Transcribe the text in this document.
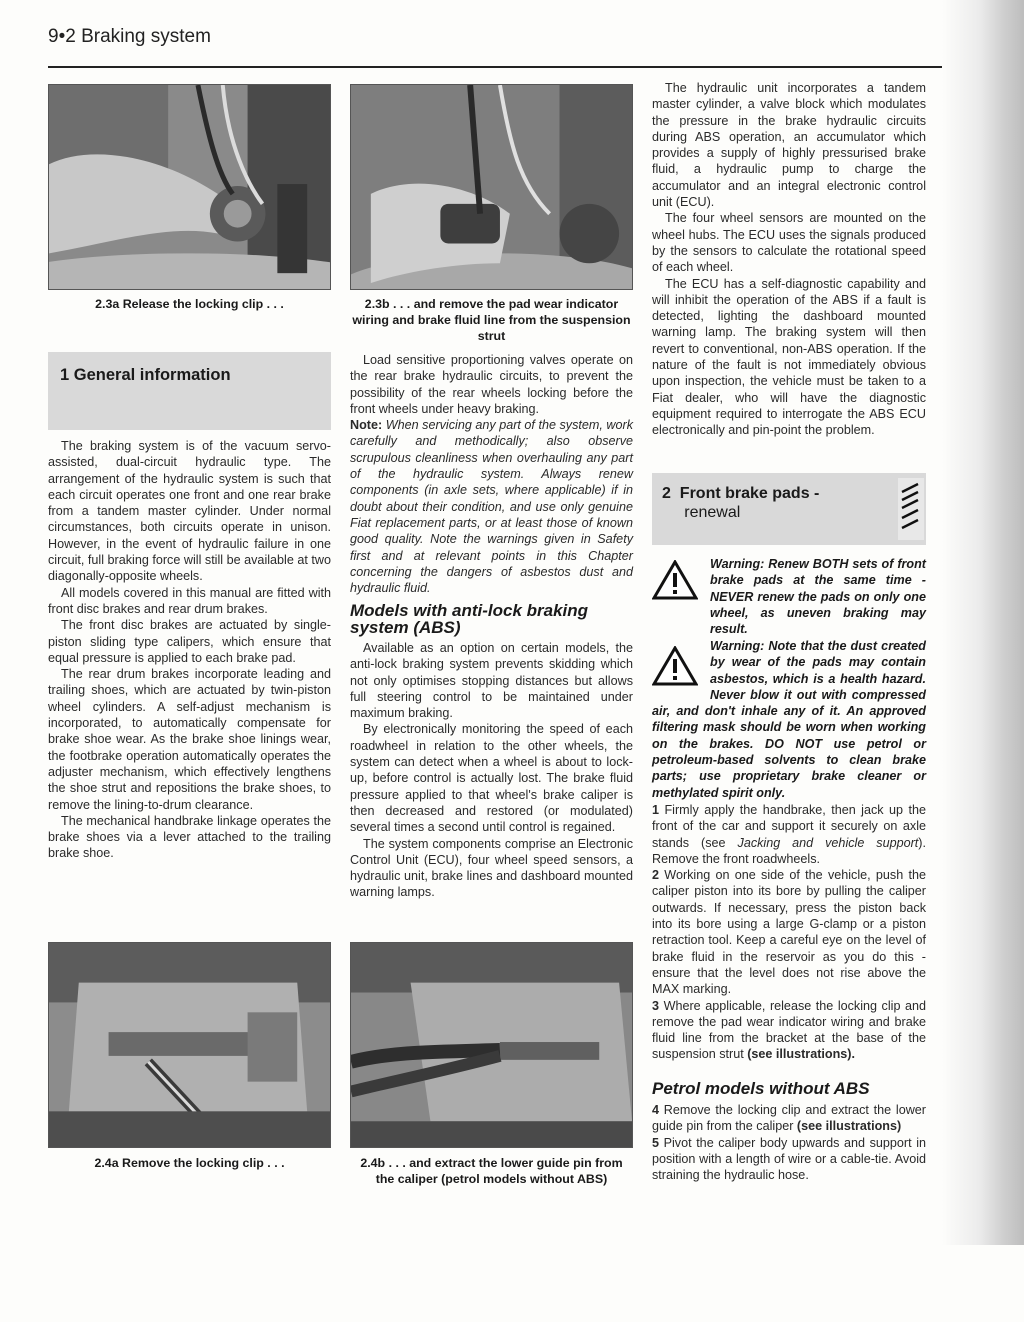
9•2 Braking system
2.3a Release the locking clip . . .	2.3b . . . and remove the pad wear indicator wiring and brake fluid line from the suspension strut
1 General information

The braking system is of the vacuum servo-assisted, dual-circuit hydraulic type. The arrangement of the hydraulic system is such that each circuit operates one front and one rear brake from a tandem master cylinder. Under normal circumstances, both circuits operate in unison. However, in the event of hydraulic failure in one circuit, full braking force will still be available at two diagonally-opposite wheels.

All models covered in this manual are fitted with front disc brakes and rear drum brakes.

The front disc brakes are actuated by single-piston sliding type calipers, which ensure that equal pressure is applied to each brake pad.

The rear drum brakes incorporate leading and trailing shoes, which are actuated by twin-piston wheel cylinders. A self-adjust mechanism is incorporated, to automatically compensate for brake shoe wear. As the brake shoe linings wear, the footbrake operation automatically operates the adjuster mechanism, which effectively lengthens the shoe strut and repositions the brake shoes, to remove the lining-to-drum clearance.

The mechanical handbrake linkage operates the brake shoes via a lever attached to the trailing brake shoe.

Load sensitive proportioning valves operate on the rear brake hydraulic circuits, to prevent the possibility of the rear wheels locking before the front wheels under heavy braking.

Note: When servicing any part of the system, work carefully and methodically; also observe scrupulous cleanliness when overhauling any part of the hydraulic system. Always renew components (in axle sets, where applicable) if in doubt about their condition, and use only genuine Fiat replacement parts, or at least those of known good quality. Note the warnings given in Safety first and at relevant points in this Chapter concerning the dangers of asbestos dust and hydraulic fluid.

Models with anti-lock braking system (ABS)

Available as an option on certain models, the anti-lock braking system prevents skidding which not only optimises stopping distances but allows full steering control to be maintained under maximum braking.

By electronically monitoring the speed of each roadwheel in relation to the other wheels, the system can detect when a wheel is about to lock-up, before control is actually lost. The brake fluid pressure applied to that wheel's brake caliper is then decreased and restored (or modulated) several times a second until control is regained.

The system components comprise an Electronic Control Unit (ECU), four wheel speed sensors, a hydraulic unit, brake lines and dashboard mounted warning lamps.

The hydraulic unit incorporates a tandem master cylinder, a valve block which modulates the pressure in the brake hydraulic circuits during ABS operation, an accumulator which provides a supply of highly pressurised brake fluid, a hydraulic pump to charge the accumulator and an integral electronic control unit (ECU).

The four wheel sensors are mounted on the wheel hubs. The ECU uses the signals produced by the sensors to calculate the rotational speed of each wheel.

The ECU has a self-diagnostic capability and will inhibit the operation of the ABS if a fault is detected, lighting the dashboard mounted warning lamp. The braking system will then revert to conventional, non-ABS operation. If the nature of the fault is not immediately obvious upon inspection, the vehicle must be taken to a Fiat dealer, who will have the diagnostic equipment required to interrogate the ABS ECU electronically and pin-point the problem.

2 Front brake pads -
renewal
Warning: Renew BOTH sets of front brake pads at the same time - NEVER renew the pads on only one wheel, as uneven braking may result.
Warning: Note that the dust created by wear of the pads may contain asbestos, which is a health hazard. Never blow it out with compressed air, and don't inhale any of it. An approved filtering mask should be worn when working on the brakes. DO NOT use petrol or petroleum-based solvents to clean brake parts; use proprietary brake cleaner or methylated spirit only.

1 Firmly apply the handbrake, then jack up the front of the car and support it securely on axle stands (see Jacking and vehicle support). Remove the front roadwheels.

2 Working on one side of the vehicle, push the caliper piston into its bore by pulling the caliper outwards. If necessary, press the piston back into its bore using a large G-clamp or a piston retraction tool. Keep a careful eye on the level of brake fluid in the reservoir as you do this - ensure that the level does not rise above the MAX marking.

3 Where applicable, release the locking clip and remove the pad wear indicator wiring and brake fluid line from the bracket at the base of the suspension strut (see illustrations).

Petrol models without ABS

4 Remove the locking clip and extract the lower guide pin from the caliper (see illustrations)

5 Pivot the caliper body upwards and support in position with a length of wire or a cable-tie. Avoid straining the hydraulic hose.

2.4a Remove the locking clip . . .	2.4b . . . and extract the lower guide pin from the caliper (petrol models without ABS)
